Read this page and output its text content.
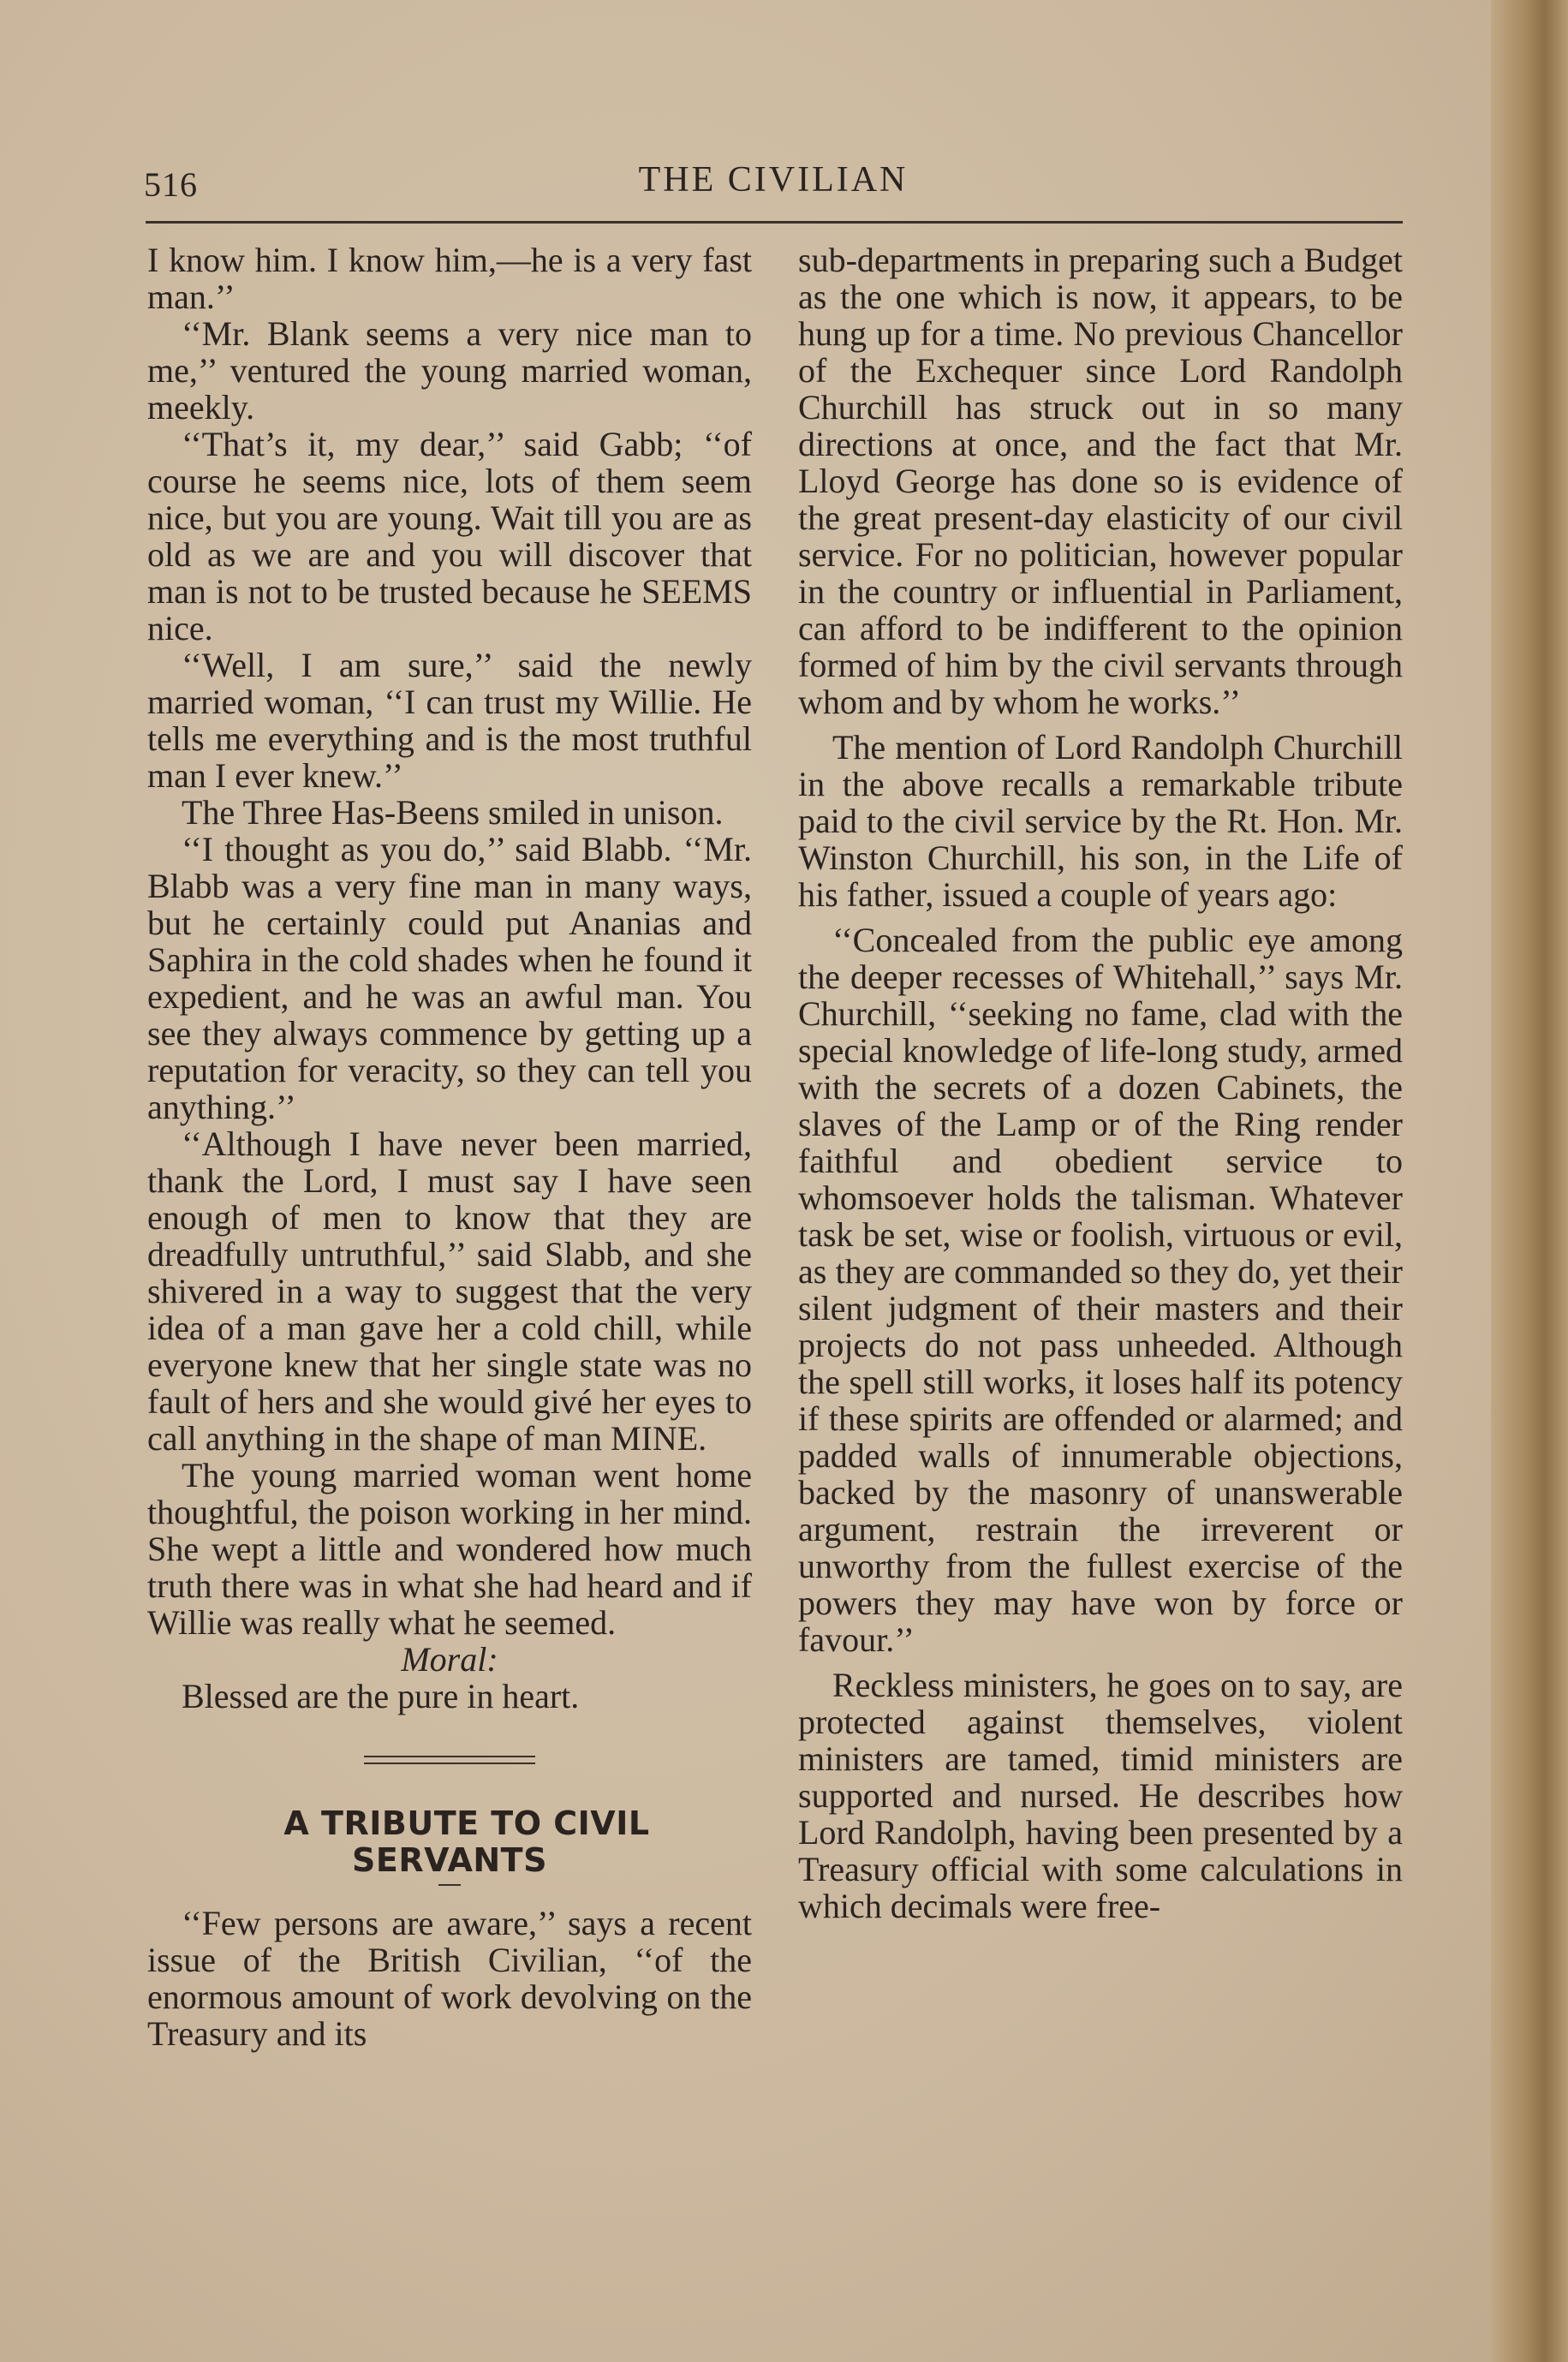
516	THE CIVILIAN

I know him. I know him,—he is a very fast man.’’

‘‘Mr. Blank seems a very nice man to me,’’ ventured the young married woman, meekly.

‘‘That’s it, my dear,’’ said Gabb; ‘‘of course he seems nice, lots of them seem nice, but you are young. Wait till you are as old as we are and you will discover that man is not to be trusted because he SEEMS nice.

‘‘Well, I am sure,’’ said the newly married woman, ‘‘I can trust my Willie. He tells me everything and is the most truthful man I ever knew.’’

The Three Has-Beens smiled in unison.

‘‘I thought as you do,’’ said Blabb. ‘‘Mr. Blabb was a very fine man in many ways, but he certainly could put Ananias and Saphira in the cold shades when he found it expedient, and he was an awful man. You see they always commence by getting up a reputation for veracity, so they can tell you anything.’’

‘‘Although I have never been married, thank the Lord, I must say I have seen enough of men to know that they are dreadfully untruthful,’’ said Slabb, and she shivered in a way to suggest that the very idea of a man gave her a cold chill, while everyone knew that her single state was no fault of hers and she would givé her eyes to call anything in the shape of man MINE.

The young married woman went home thoughtful, the poison working in her mind. She wept a little and wondered how much truth there was in what she had heard and if Willie was really what he seemed.

Moral:

Blessed are the pure in heart.

A TRIBUTE TO CIVIL SERVANTS

‘‘Few persons are aware,’’ says a recent issue of the British Civilian, ‘‘of the enormous amount of work devolving on the Treasury and its

sub-departments in preparing such a Budget as the one which is now, it appears, to be hung up for a time. No previous Chancellor of the Exchequer since Lord Randolph Churchill has struck out in so many directions at once, and the fact that Mr. Lloyd George has done so is evidence of the great present-day elasticity of our civil service. For no politician, however popular in the country or influential in Parliament, can afford to be indifferent to the opinion formed of him by the civil servants through whom and by whom he works.’’

The mention of Lord Randolph Churchill in the above recalls a remarkable tribute paid to the civil service by the Rt. Hon. Mr. Winston Churchill, his son, in the Life of his father, issued a couple of years ago:

‘‘Concealed from the public eye among the deeper recesses of Whitehall,’’ says Mr. Churchill, ‘‘seeking no fame, clad with the special knowledge of life-long study, armed with the secrets of a dozen Cabinets, the slaves of the Lamp or of the Ring render faithful and obedient service to whomsoever holds the talisman. Whatever task be set, wise or foolish, virtuous or evil, as they are commanded so they do, yet their silent judgment of their masters and their projects do not pass unheeded. Although the spell still works, it loses half its potency if these spirits are offended or alarmed; and padded walls of innumerable objections, backed by the masonry of unanswerable argument, restrain the irreverent or unworthy from the fullest exercise of the powers they may have won by force or favour.’’

Reckless ministers, he goes on to say, are protected against themselves, violent ministers are tamed, timid ministers are supported and nursed. He describes how Lord Randolph, having been presented by a Treasury official with some calculations in which decimals were free-
